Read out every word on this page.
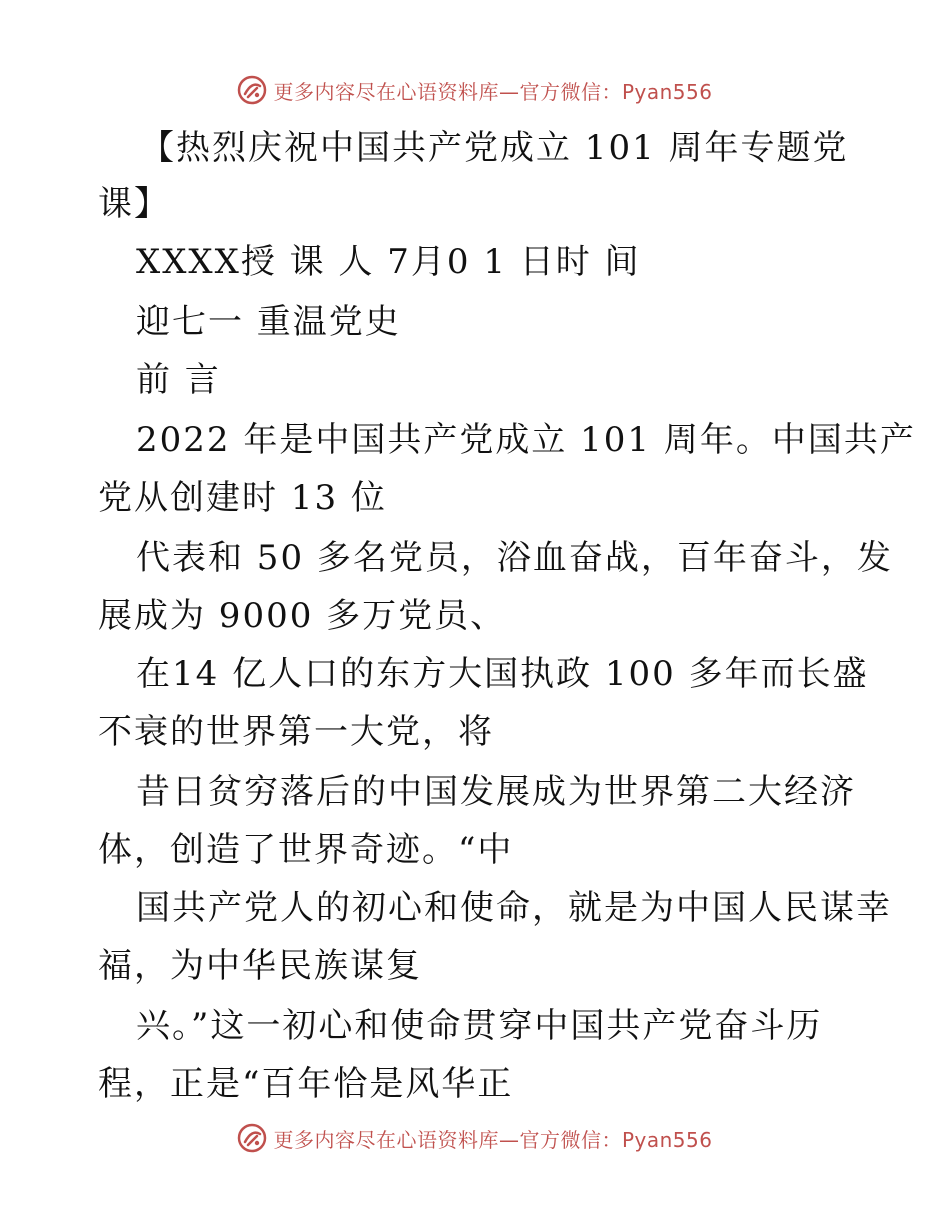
更多内容尽在心语资料库—官方微信：Pyan556
【热烈庆祝中国共产党成立 101 周年专题党
课】
XXXX授 课 人 7月0 1 日时 间
迎七一 重温党史
前 言
2022 年是中国共产党成立 101 周年。中国共产
党从创建时 13 位
代表和 50 多名党员，浴血奋战，百年奋斗，发
展成为 9000 多万党员、
在14 亿人口的东方大国执政 100 多年而长盛
不衰的世界第一大党，将
昔日贫穷落后的中国发展成为世界第二大经济
体，创造了世界奇迹。“中
国共产党人的初心和使命，就是为中国人民谋幸
福，为中华民族谋复
兴。”这一初心和使命贯穿中国共产党奋斗历
程，正是“百年恰是风华正
更多内容尽在心语资料库—官方微信：Pyan556
